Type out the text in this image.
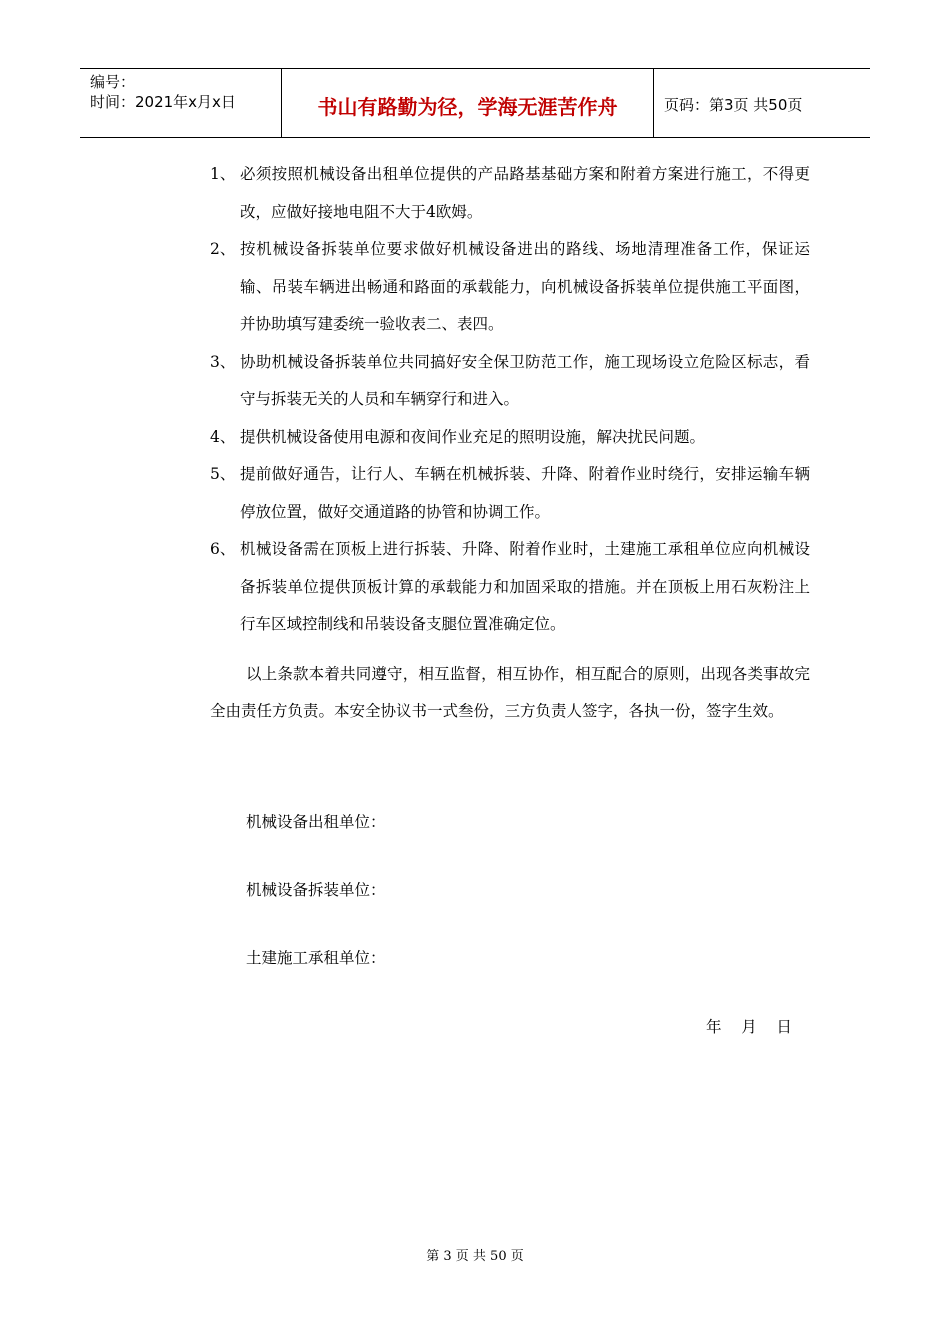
编号：
时间：2021年x月x日	书山有路勤为径，学海无涯苦作舟	页码：第3页 共50页
1、 必须按照机械设备出租单位提供的产品路基基础方案和附着方案进行施工，不得更改，应做好接地电阻不大于4欧姆。
2、 按机械设备拆装单位要求做好机械设备进出的路线、场地清理准备工作，保证运输、吊装车辆进出畅通和路面的承载能力，向机械设备拆装单位提供施工平面图，并协助填写建委统一验收表二、表四。
3、 协助机械设备拆装单位共同搞好安全保卫防范工作，施工现场设立危险区标志，看守与拆装无关的人员和车辆穿行和进入。
4、 提供机械设备使用电源和夜间作业充足的照明设施，解决扰民问题。
5、 提前做好通告，让行人、车辆在机械拆装、升降、附着作业时绕行，安排运输车辆停放位置，做好交通道路的协管和协调工作。
6、 机械设备需在顶板上进行拆装、升降、附着作业时，土建施工承租单位应向机械设备拆装单位提供顶板计算的承载能力和加固采取的措施。并在顶板上用石灰粉注上行车区域控制线和吊装设备支腿位置准确定位。
以上条款本着共同遵守，相互监督，相互协作，相互配合的原则，出现各类事故完全由责任方负责。本安全协议书一式叁份，三方负责人签字，各执一份，签字生效。
机械设备出租单位：
机械设备拆装单位：
土建施工承租单位：
年    月    日
第 3 页 共 50 页
